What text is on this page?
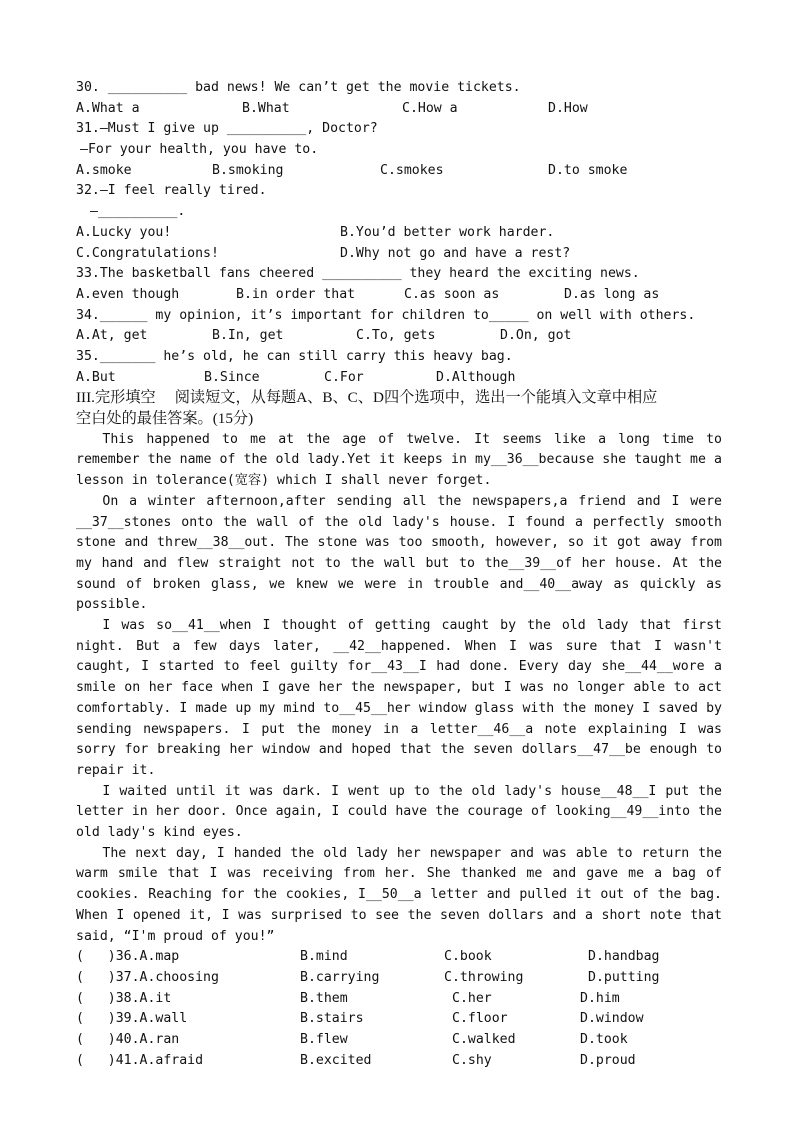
30. __________ bad news! We can’t get the movie tickets.
A.What a	B.What	C.How a	D.How
31.—Must I give up __________, Doctor?
—For your health, you have to.
A.smoke	B.smoking	C.smokes	D.to smoke
32.—I feel really tired.
—__________.
A.Lucky you!	B.You’d better work harder.
C.Congratulations!	D.Why not go and have a rest?
33.The basketball fans cheered __________ they heard the exciting news.
A.even though	B.in order that	C.as soon as	D.as long as
34.______ my opinion, it’s important for children to_____ on well with others.
A.At, get	B.In, get	C.To, gets	D.On, got
35._______ he’s old, he can still carry this heavy bag.
A.But	B.Since	C.For	D.Although
III.完形填空     阅读短文，从每题A、B、C、D四个选项中，选出一个能填入文章中相应
空白处的最佳答案。(15分)
This happened to me at the age of twelve. It seems like a long time to remember the name of the old lady.Yet it keeps in my__36__because she taught me a lesson in tolerance(宽容) which I shall never forget.
On a winter afternoon,after sending all the newspapers,a friend and I were __37__stones onto the wall of the old lady's house. I found a perfectly smooth stone and threw__38__out. The stone was too smooth, however, so it got away from my hand and flew straight not to the wall but to the__39__of her house. At the sound of broken glass, we knew we were in trouble and__40__away as quickly as possible.
I was so__41__when I thought of getting caught by the old lady that first night. But a few days later, __42__happened. When I was sure that I wasn't caught, I started to feel guilty for__43__I had done. Every day she__44__wore a smile on her face when I gave her the newspaper, but I was no longer able to act comfortably. I made up my mind to__45__her window glass with the money I saved by sending newspapers. I put the money in a letter__46__a note explaining I was sorry for breaking her window and hoped that the seven dollars__47__be enough to repair it.
I waited until it was dark. I went up to the old lady's house__48__I put the letter in her door. Once again, I could have the courage of looking__49__into the old lady's kind eyes.
The next day, I handed the old lady her newspaper and was able to return the warm smile that I was receiving from her. She thanked me and gave me a bag of cookies. Reaching for the cookies, I__50__a letter and pulled it out of the bag. When I opened it, I was surprised to see the seven dollars and a short note that said, “I'm proud of you!”
(   )36.A.map	B.mind	C.book	D.handbag
(   )37.A.choosing	B.carrying	C.throwing	D.putting
(   )38.A.it	B.them	C.her	D.him
(   )39.A.wall	B.stairs	C.floor	D.window
(   )40.A.ran	B.flew	C.walked	D.took
(   )41.A.afraid	B.excited	C.shy	D.proud
